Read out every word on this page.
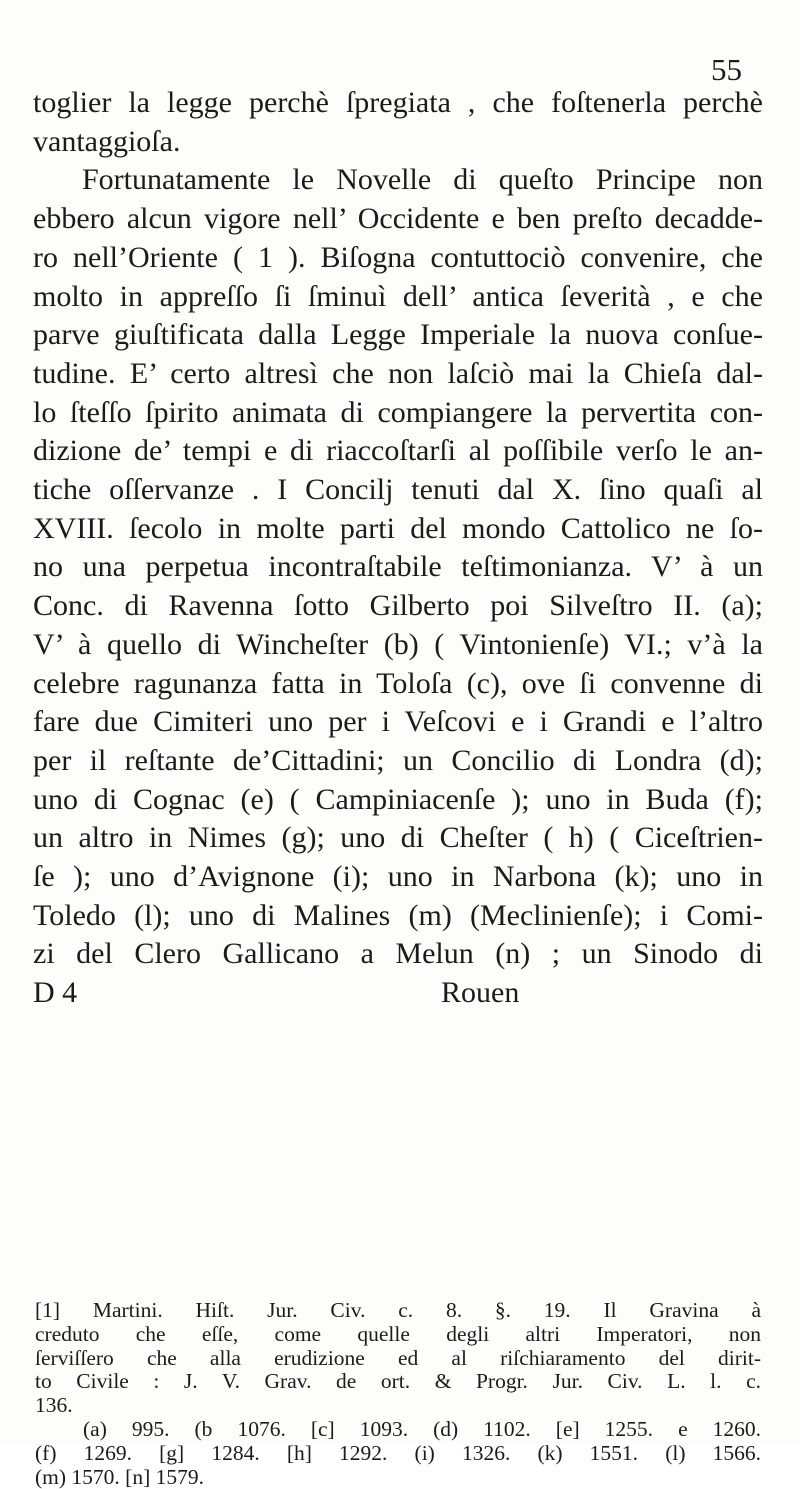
55
toglier la legge perchè ſpregiata , che foſtenerla perchè
vantaggioſa.
Fortunatamente le Novelle di queſto Principe non
ebbero alcun vigore nell’ Occidente e ben preſto decadde-
ro nell’Oriente ( 1 ). Biſogna contuttociò convenire, che
molto in appreſſo ſi ſminuì dell’ antica ſeverità , e che
parve giuſtificata dalla Legge Imperiale la nuova conſue-
tudine. E’ certo altresì che non laſciò mai la Chieſa dal-
lo ſteſſo ſpirito animata di compiangere la pervertita con-
dizione de’ tempi e di riaccoſtarſi al poſſibile verſo le an-
tiche oſſervanze . I Concilj tenuti dal X. ſino quaſi al
XVIII. ſecolo in molte parti del mondo Cattolico ne ſo-
no una perpetua incontraſtabile teſtimonianza. V’ à un
Conc. di Ravenna ſotto Gilberto poi Silveſtro II. (a);
V’ à quello di Wincheſter (b) ( Vintonienſe) VI.; v’à la
celebre ragunanza fatta in Toloſa (c), ove ſi convenne di
fare due Cimiteri uno per i Veſcovi e i Grandi e l’altro
per il reſtante de’Cittadini; un Concilio di Londra (d);
uno di Cognac (e) ( Campiniacenſe ); uno in Buda (f);
un altro in Nimes (g); uno di Cheſter ( h) ( Ciceſtrien-
ſe ); uno d’Avignone (i); uno in Narbona (k); uno in
Toledo (l); uno di Malines (m) (Meclinienſe); i Comi-
zi del Clero Gallicano a Melun (n) ; un Sinodo di
D 4	Rouen
[1] Martini. Hiſt. Jur. Civ. c. 8. §. 19. Il Gravina à
creduto che eſſe, come quelle degli altri Imperatori, non
ſerviſſero che alla erudizione ed al riſchiaramento del dirit-
to Civile : J. V. Grav. de ort. & Progr. Jur. Civ. L. l. c.
136.
(a) 995. (b 1076. [c] 1093. (d) 1102. [e] 1255. e 1260.
(f) 1269. [g] 1284. [h] 1292. (i) 1326. (k) 1551. (l) 1566.
(m) 1570. [n] 1579.
